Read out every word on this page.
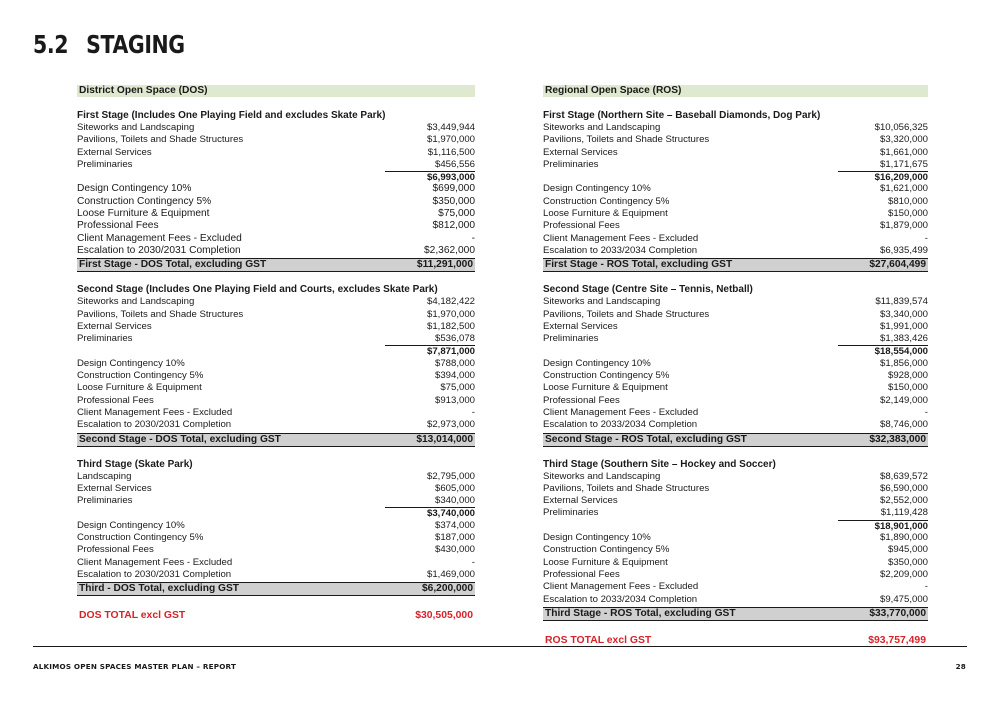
5.2 STAGING
District Open Space (DOS)
First Stage (Includes One Playing Field and excludes Skate Park)
Siteworks and Landscaping	$3,449,944
Pavilions, Toilets and Shade Structures	$1,970,000
External Services	$1,116,500
Preliminaries	$456,556
$6,993,000
Design Contingency 10%	$699,000
Construction Contingency 5%	$350,000
Loose Furniture & Equipment	$75,000
Professional Fees	$812,000
Client Management Fees - Excluded	-
Escalation to 2030/2031 Completion	$2,362,000
First Stage - DOS Total, excluding GST	$11,291,000
Second Stage (Includes One Playing Field and Courts, excludes Skate Park)
Siteworks and Landscaping	$4,182,422
Pavilions, Toilets and Shade Structures	$1,970,000
External Services	$1,182,500
Preliminaries	$536,078
$7,871,000
Design Contingency 10%	$788,000
Construction Contingency 5%	$394,000
Loose Furniture & Equipment	$75,000
Professional Fees	$913,000
Client Management Fees - Excluded	-
Escalation to 2030/2031 Completion	$2,973,000
Second Stage - DOS Total, excluding GST	$13,014,000
Third Stage (Skate Park)
Landscaping	$2,795,000
External Services	$605,000
Preliminaries	$340,000
$3,740,000
Design Contingency 10%	$374,000
Construction Contingency 5%	$187,000
Professional Fees	$430,000
Client Management Fees - Excluded	-
Escalation to 2030/2031 Completion	$1,469,000
Third - DOS Total, excluding GST	$6,200,000
DOS TOTAL excl GST	$30,505,000
Regional Open Space (ROS)
First Stage (Northern Site – Baseball Diamonds, Dog Park)
Siteworks and Landscaping	$10,056,325
Pavilions, Toilets and Shade Structures	$3,320,000
External Services	$1,661,000
Preliminaries	$1,171,675
$16,209,000
Design Contingency 10%	$1,621,000
Construction Contingency 5%	$810,000
Loose Furniture & Equipment	$150,000
Professional Fees	$1,879,000
Client Management Fees - Excluded	-
Escalation to 2033/2034 Completion	$6,935,499
First Stage - ROS Total, excluding GST	$27,604,499
Second Stage (Centre Site – Tennis, Netball)
Siteworks and Landscaping	$11,839,574
Pavilions, Toilets and Shade Structures	$3,340,000
External Services	$1,991,000
Preliminaries	$1,383,426
$18,554,000
Design Contingency 10%	$1,856,000
Construction Contingency 5%	$928,000
Loose Furniture & Equipment	$150,000
Professional Fees	$2,149,000
Client Management Fees - Excluded	-
Escalation to 2033/2034 Completion	$8,746,000
Second Stage - ROS Total, excluding GST	$32,383,000
Third Stage (Southern Site – Hockey and Soccer)
Siteworks and Landscaping	$8,639,572
Pavilions, Toilets and Shade Structures	$6,590,000
External Services	$2,552,000
Preliminaries	$1,119,428
$18,901,000
Design Contingency 10%	$1,890,000
Construction Contingency 5%	$945,000
Loose Furniture & Equipment	$350,000
Professional Fees	$2,209,000
Client Management Fees - Excluded	-
Escalation to 2033/2034 Completion	$9,475,000
Third Stage - ROS Total, excluding GST	$33,770,000
ROS TOTAL excl GST	$93,757,499
ALKIMOS OPEN SPACES MASTER PLAN – REPORT	28
